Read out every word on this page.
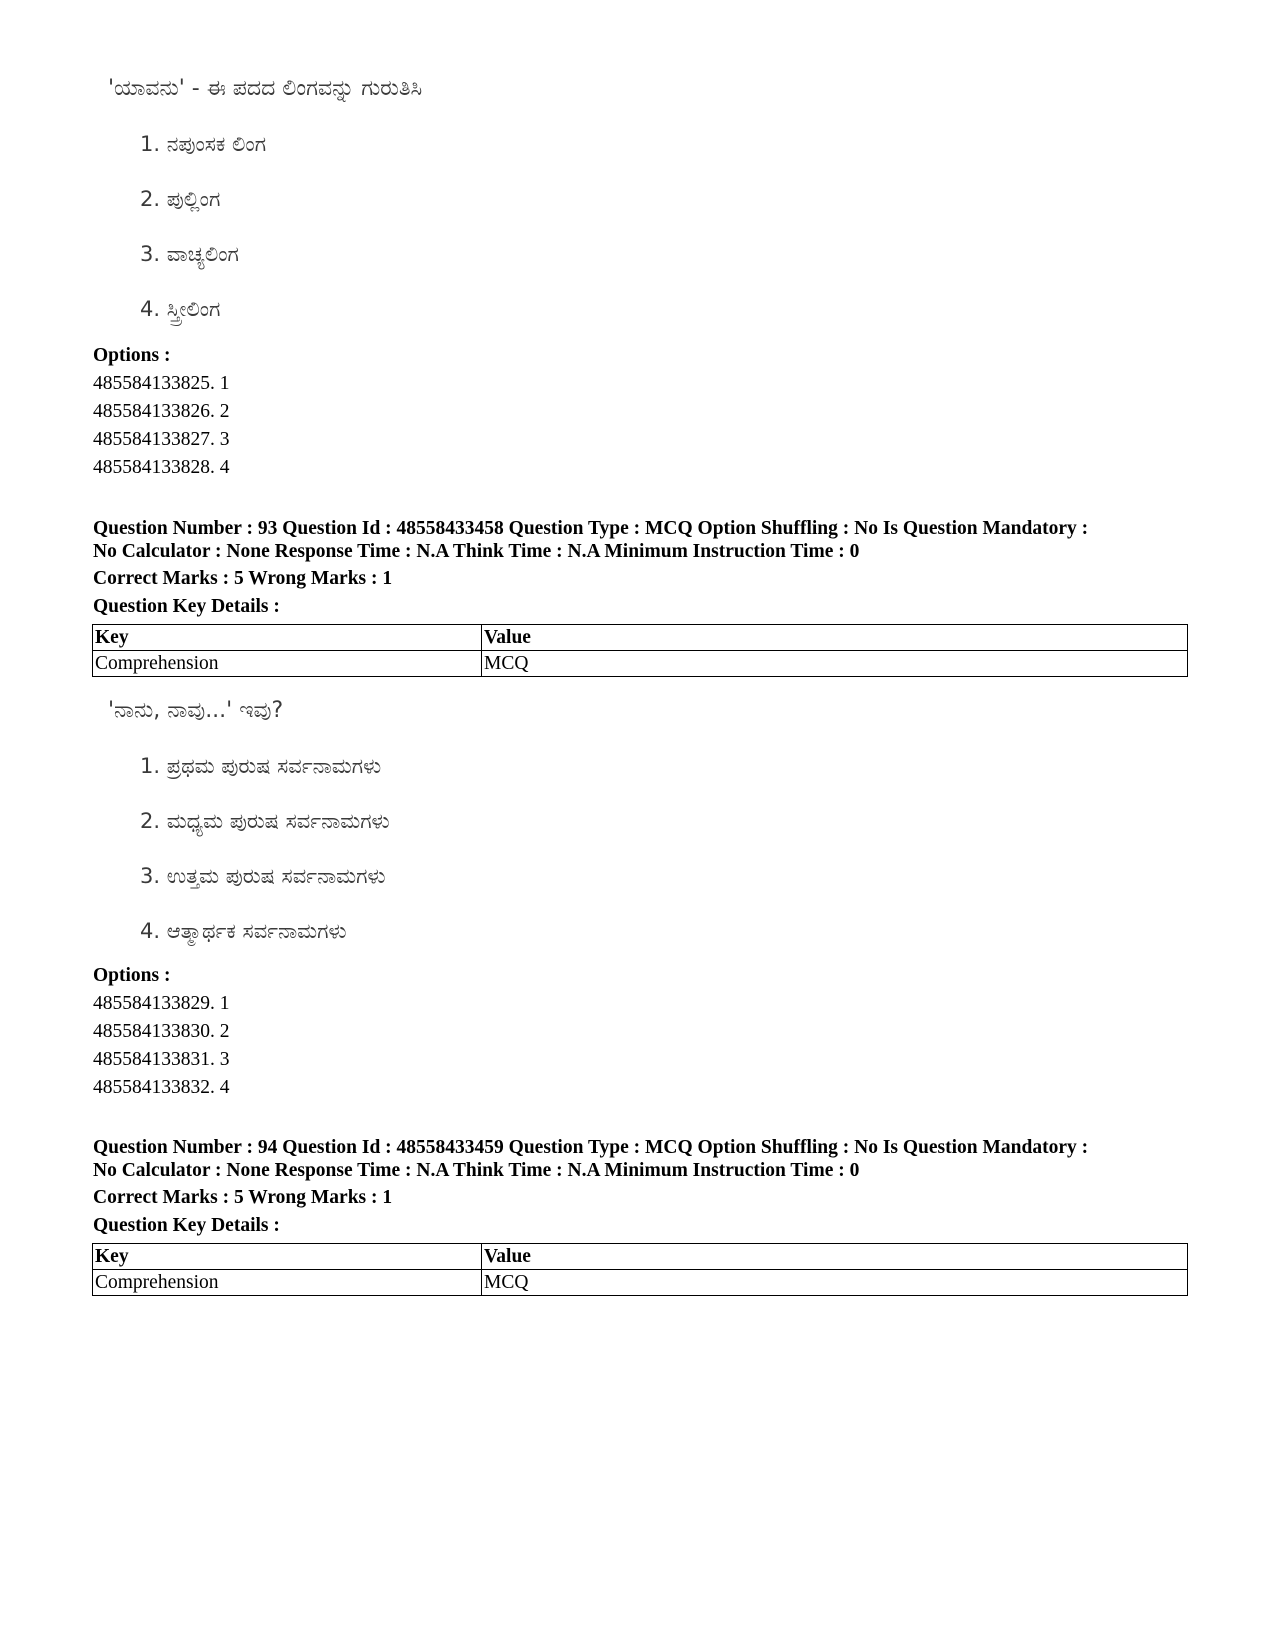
'ಯಾವನು' - ಈ ಪದದ ಲಿಂಗವನ್ನು ಗುರುತಿಸಿ

1. ನಪುಂಸಕ ಲಿಂಗ

2. ಪುಲ್ಲಿಂಗ

3. ವಾಚ್ಯಲಿಂಗ

4. ಸ್ತ್ರೀಲಿಂಗ

Options :
485584133825. 1
485584133826. 2
485584133827. 3
485584133828. 4
Question Number : 93 Question Id : 48558433458 Question Type : MCQ Option Shuffling : No Is Question Mandatory :
No Calculator : None Response Time : N.A Think Time : N.A Minimum Instruction Time : 0
Correct Marks : 5 Wrong Marks : 1
Question Key Details :
Key	Value
Comprehension	MCQ

'ನಾನು, ನಾವು...' ಇವು?

1. ಪ್ರಥಮ ಪುರುಷ ಸರ್ವನಾಮಗಳು

2. ಮಧ್ಯಮ ಪುರುಷ ಸರ್ವನಾಮಗಳು

3. ಉತ್ತಮ ಪುರುಷ ಸರ್ವನಾಮಗಳು

4. ಆತ್ಮಾರ್ಥಕ ಸರ್ವನಾಮಗಳು

Options :
485584133829. 1
485584133830. 2
485584133831. 3
485584133832. 4
Question Number : 94 Question Id : 48558433459 Question Type : MCQ Option Shuffling : No Is Question Mandatory :
No Calculator : None Response Time : N.A Think Time : N.A Minimum Instruction Time : 0
Correct Marks : 5 Wrong Marks : 1
Question Key Details :
Key	Value
Comprehension	MCQ
